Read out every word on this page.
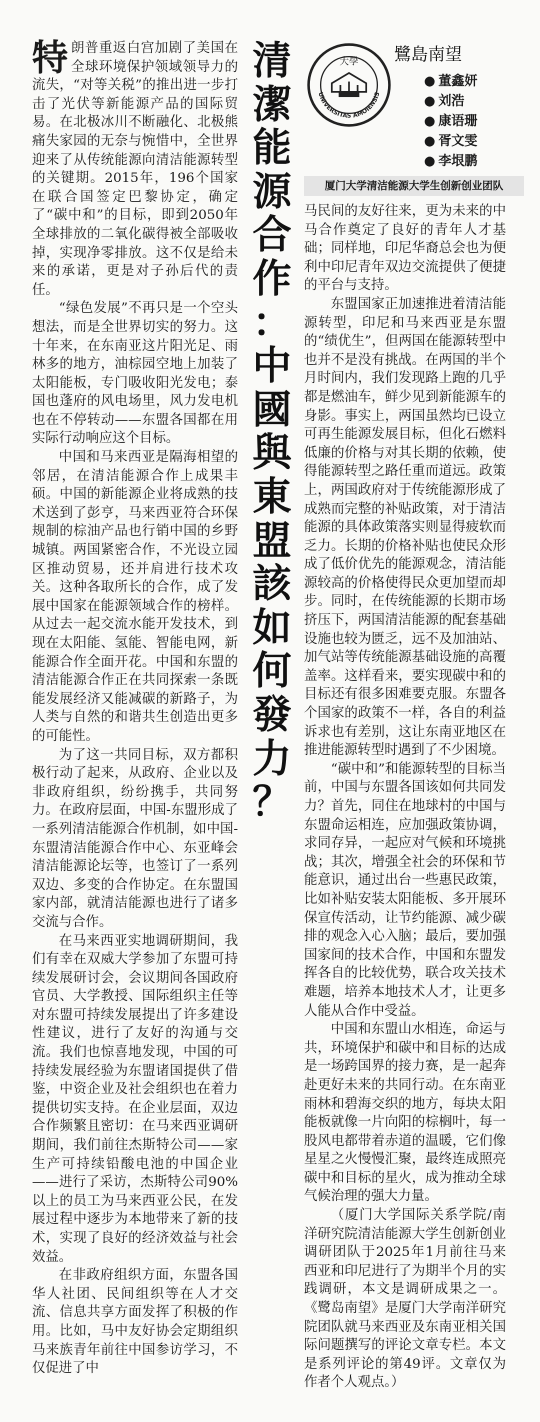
特朗普重返白宫加剧了美国在全球环境保护领域领导力的流失，“对等关税”的推出进一步打击了光伏等新能源产品的国际贸易。在北极冰川不断融化、北极熊痛失家园的无奈与惋惜中，全世界迎来了从传统能源向清洁能源转型的关键期。2015年，196个国家在联合国签定巴黎协定，确定了“碳中和”的目标，即到2050年全球排放的二氧化碳得被全部吸收掉，实现净零排放。这不仅是给未来的承诺，更是对子孙后代的责任。

“绿色发展”不再只是一个空头想法，而是全世界切实的努力。这十年来，在东南亚这片阳光足、雨林多的地方，油棕园空地上加装了太阳能板，专门吸收阳光发电；泰国也蓬府的风电场里，风力发电机也在不停转动——东盟各国都在用实际行动响应这个目标。

中国和马来西亚是隔海相望的邻居，在清洁能源合作上成果丰硕。中国的新能源企业将成熟的技术送到了彭亨，马来西亚符合环保规制的棕油产品也行销中国的乡野城镇。两国紧密合作，不光设立园区推动贸易，还并肩进行技术攻关。这种各取所长的合作，成了发展中国家在能源领域合作的榜样。从过去一起交流水能开发技术，到现在太阳能、氢能、智能电网，新能源合作全面开花。中国和东盟的清洁能源合作正在共同探索一条既能发展经济又能减碳的新路子，为人类与自然的和谐共生创造出更多的可能性。

为了这一共同目标，双方都积极行动了起来，从政府、企业以及非政府组织，纷纷携手，共同努力。在政府层面，中国-东盟形成了一系列清洁能源合作机制，如中国-东盟清洁能源合作中心、东亚峰会清洁能源论坛等，也签订了一系列双边、多变的合作协定。在东盟国家内部，就清洁能源也进行了诸多交流与合作。

在马来西亚实地调研期间，我们有幸在双威大学参加了东盟可持续发展研讨会，会议期间各国政府官员、大学教授、国际组织主任等对东盟可持续发展提出了许多建设性建议，进行了友好的沟通与交流。我们也惊喜地发现，中国的可持续发展经验为东盟诸国提供了借鉴，中资企业及社会组织也在着力提供切实支持。在企业层面，双边合作频繁且密切：在马来西亚调研期间，我们前往杰斯特公司——家生产可持续铅酸电池的中国企业——进行了采访，杰斯特公司90%以上的员工为马来西亚公民，在发展过程中逐步为本地带来了新的技术，实现了良好的经济效益与社会效益。

在非政府组织方面，东盟各国华人社团、民间组织等在人才交流、信息共享方面发挥了积极的作用。比如，马中友好协会定期组织马来族青年前往中国参访学习，不仅促进了中

清
潔
能
源
合
作
：
中
國
與
東
盟
該
如
何
發
力
？
UNIVERSITAS AMOIENSIS
大學 鷺島南望
● 董鑫妍
● 刘浩
● 康语珊
● 胥文雯
● 李垠鹏
厦门大学清洁能源大学生创新创业团队

马民间的友好往来，更为未来的中马合作奠定了良好的青年人才基础；同样地，印尼华裔总会也为便利中印尼青年双边交流提供了便捷的平台与支持。

东盟国家正加速推进着清洁能源转型，印尼和马来西亚是东盟的“绩优生”，但两国在能源转型中也并不是没有挑战。在两国的半个月时间内，我们发现路上跑的几乎都是燃油车，鲜少见到新能源车的身影。事实上，两国虽然均已设立可再生能源发展目标，但化石燃料低廉的价格与对其长期的依赖，使得能源转型之路任重而道远。政策上，两国政府对于传统能源形成了成熟而完整的补贴政策，对于清洁能源的具体政策落实则显得疲软而乏力。长期的价格补贴也使民众形成了低价优先的能源观念，清洁能源较高的价格使得民众更加望而却步。同时，在传统能源的长期市场挤压下，两国清洁能源的配套基础设施也较为匮乏，远不及加油站、加气站等传统能源基础设施的高覆盖率。这样看来，要实现碳中和的目标还有很多困难要克服。东盟各个国家的政策不一样，各自的利益诉求也有差别，这让东南亚地区在推进能源转型时遇到了不少困境。

“碳中和”和能源转型的目标当前，中国与东盟各国该如何共同发力？首先，同住在地球村的中国与东盟命运相连，应加强政策协调，求同存异，一起应对气候和环境挑战；其次，增强全社会的环保和节能意识，通过出台一些惠民政策，比如补贴安装太阳能板、多开展环保宣传活动，让节约能源、减少碳排的观念入心入脑；最后，要加强国家间的技术合作，中国和东盟发挥各自的比较优势，联合攻关技术难题，培养本地技术人才，让更多人能从合作中受益。

中国和东盟山水相连，命运与共，环境保护和碳中和目标的达成是一场跨国界的接力赛，是一起奔赴更好未来的共同行动。在东南亚雨林和碧海交织的地方，每块太阳能板就像一片向阳的棕榈叶，每一股风电都带着赤道的温暖，它们像星星之火慢慢汇聚，最终连成照亮碳中和目标的星火，成为推动全球气候治理的强大力量。

（厦门大学国际关系学院/南洋研究院清洁能源大学生创新创业调研团队于2025年1月前往马来西亚和印尼进行了为期半个月的实践调研，本文是调研成果之一。《鹭岛南望》是厦门大学南洋研究院团队就马来西亚及东南亚相关国际问题撰写的评论文章专栏。本文是系列评论的第49评。文章仅为作者个人观点。）
